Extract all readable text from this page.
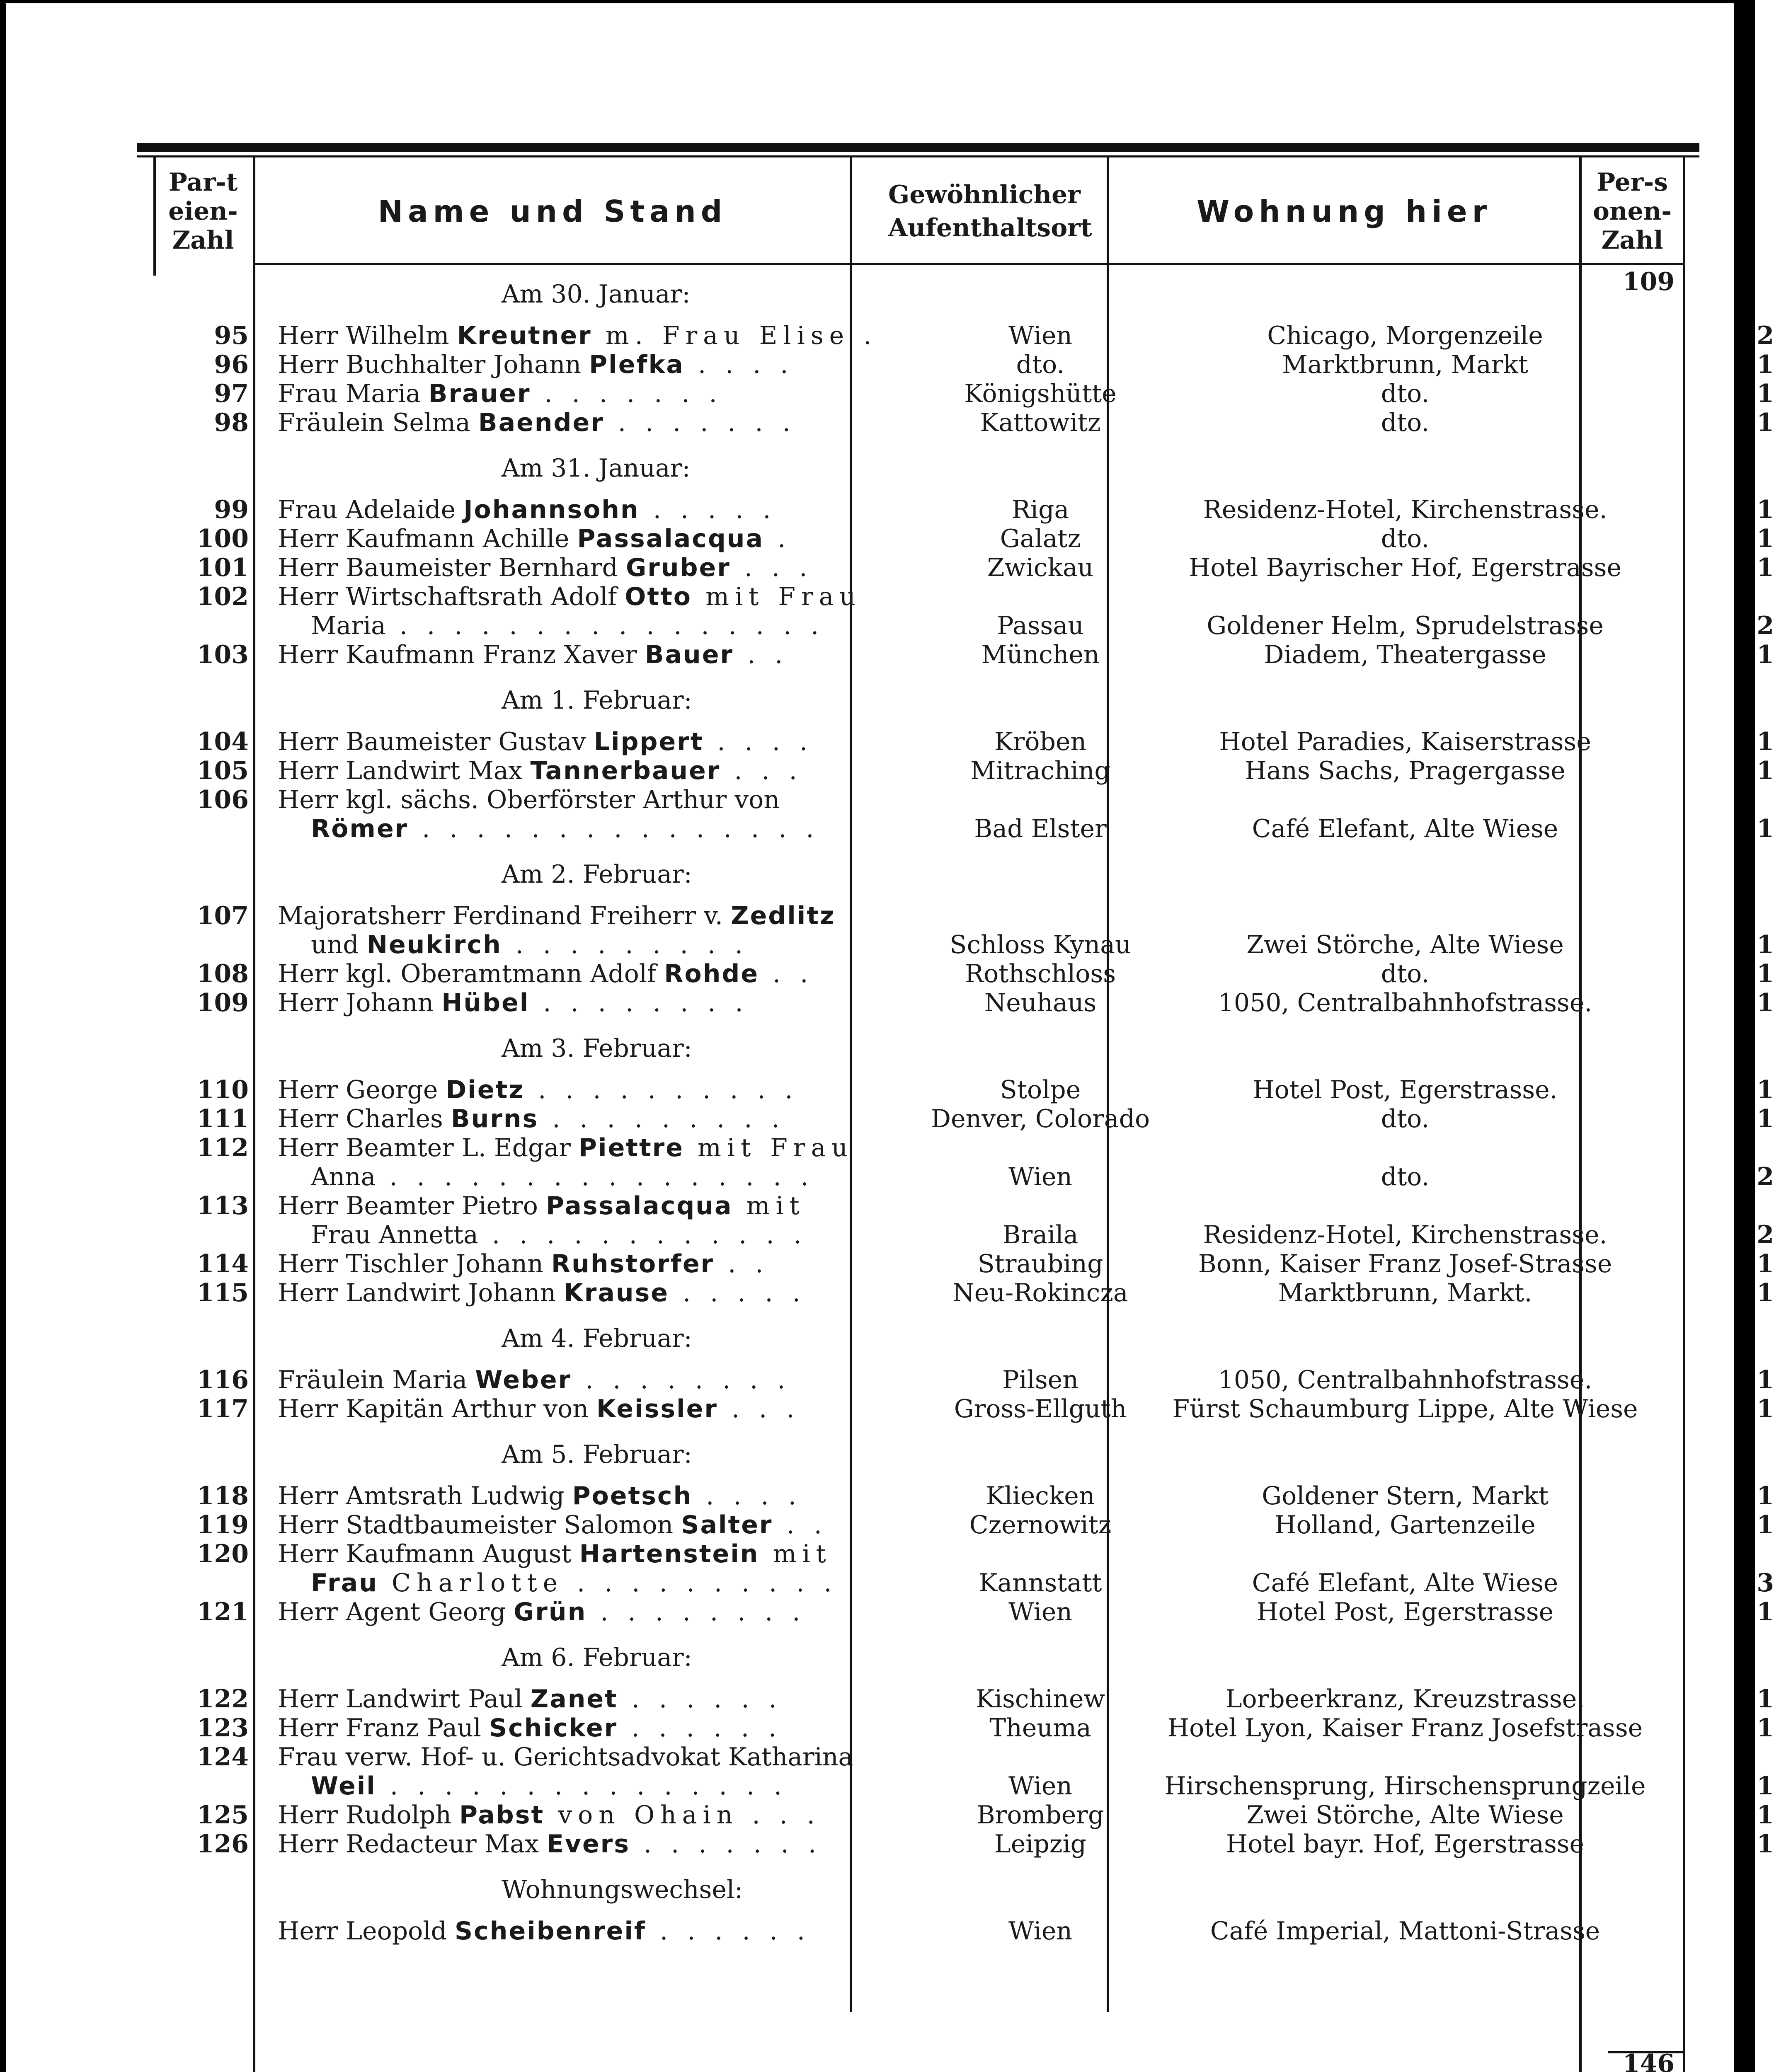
Par-teien-Zahl
Name und Stand	Gewöhnlicher Aufenthaltsort	Wohnung hier
Per-sonen-Zahl
109
Am 30. Januar:
95 Herr Wilhelm Kreutner m. Frau Elise .	Wien	Chicago, Morgenzeile	2
96 Herr Buchhalter Johann Plefka . . . .	dto.	Marktbrunn, Markt	1
97 Frau Maria Brauer . . . . . . .	Königshütte	dto.	1
98 Fräulein Selma Baender . . . . . . .	Kattowitz	dto.	1
Am 31. Januar:
99 Frau Adelaide Johannsohn . . . . .	Riga	Residenz-Hotel, Kirchenstrasse.	1
100 Herr Kaufmann Achille Passalacqua .	Galatz	dto.	1
101 Herr Baumeister Bernhard Gruber . . .	Zwickau	Hotel Bayrischer Hof, Egerstrasse	1
102 Herr Wirtschaftsrath Adolf Otto mit Frau
Maria . . . . . . . . . . . . . . . .	Passau	Goldener Helm, Sprudelstrasse	2
103 Herr Kaufmann Franz Xaver Bauer . .	München	Diadem, Theatergasse	1
Am 1. Februar:
104 Herr Baumeister Gustav Lippert . . . .	Kröben	Hotel Paradies, Kaiserstrasse	1
105 Herr Landwirt Max Tannerbauer . . .	Mitraching	Hans Sachs, Pragergasse	1
106 Herr kgl. sächs. Oberförster Arthur von
Römer . . . . . . . . . . . . . . .	Bad Elster	Café Elefant, Alte Wiese	1
Am 2. Februar:
107 Majoratsherr Ferdinand Freiherr v. Zedlitz
und Neukirch . . . . . . . . .	Schloss Kynau	Zwei Störche, Alte Wiese	1
108 Herr kgl. Oberamtmann Adolf Rohde . .	Rothschloss	dto.	1
109 Herr Johann Hübel . . . . . . . .	Neuhaus	1050, Centralbahnhofstrasse.	1
Am 3. Februar:
110 Herr George Dietz . . . . . . . . . .	Stolpe	Hotel Post, Egerstrasse.	1
111 Herr Charles Burns . . . . . . . . .	Denver, Colorado	dto.	1
112 Herr Beamter L. Edgar Piettre mit Frau
Anna . . . . . . . . . . . . . . . .	Wien	dto.	2
113 Herr Beamter Pietro Passalacqua mit
Frau Annetta . . . . . . . . . . . .	Braila	Residenz-Hotel, Kirchenstrasse.	2
114 Herr Tischler Johann Ruhstorfer . .	Straubing	Bonn, Kaiser Franz Josef-Strasse	1
115 Herr Landwirt Johann Krause . . . . .	Neu-Rokincza	Marktbrunn, Markt.	1
Am 4. Februar:
116 Fräulein Maria Weber . . . . . . . .	Pilsen	1050, Centralbahnhofstrasse.	1
117 Herr Kapitän Arthur von Keissler . . .	Gross-Ellguth	Fürst Schaumburg Lippe, Alte Wiese	1
Am 5. Februar:
118 Herr Amtsrath Ludwig Poetsch . . . .	Kliecken	Goldener Stern, Markt	1
119 Herr Stadtbaumeister Salomon Salter . .	Czernowitz	Holland, Gartenzeile	1
120 Herr Kaufmann August Hartenstein mit
Frau Charlotte . . . . . . . . . .	Kannstatt	Café Elefant, Alte Wiese	3
121 Herr Agent Georg Grün . . . . . . . .	Wien	Hotel Post, Egerstrasse	1
Am 6. Februar:
122 Herr Landwirt Paul Zanet . . . . . .	Kischinew	Lorbeerkranz, Kreuzstrasse.	1
123 Herr Franz Paul Schicker . . . . . .	Theuma	Hotel Lyon, Kaiser Franz Josefstrasse	1
124 Frau verw. Hof- u. Gerichtsadvokat Katharina
Weil . . . . . . . . . . . . . . .	Wien	Hirschensprung, Hirschensprungzeile	1
125 Herr Rudolph Pabst von Ohain . . .	Bromberg	Zwei Störche, Alte Wiese	1
126 Herr Redacteur Max Evers . . . . . . .	Leipzig	Hotel bayr. Hof, Egerstrasse	1
Wohnungswechsel:
Herr Leopold Scheibenreif . . . . . .	Wien	Café Imperial, Mattoni-Strasse
146
